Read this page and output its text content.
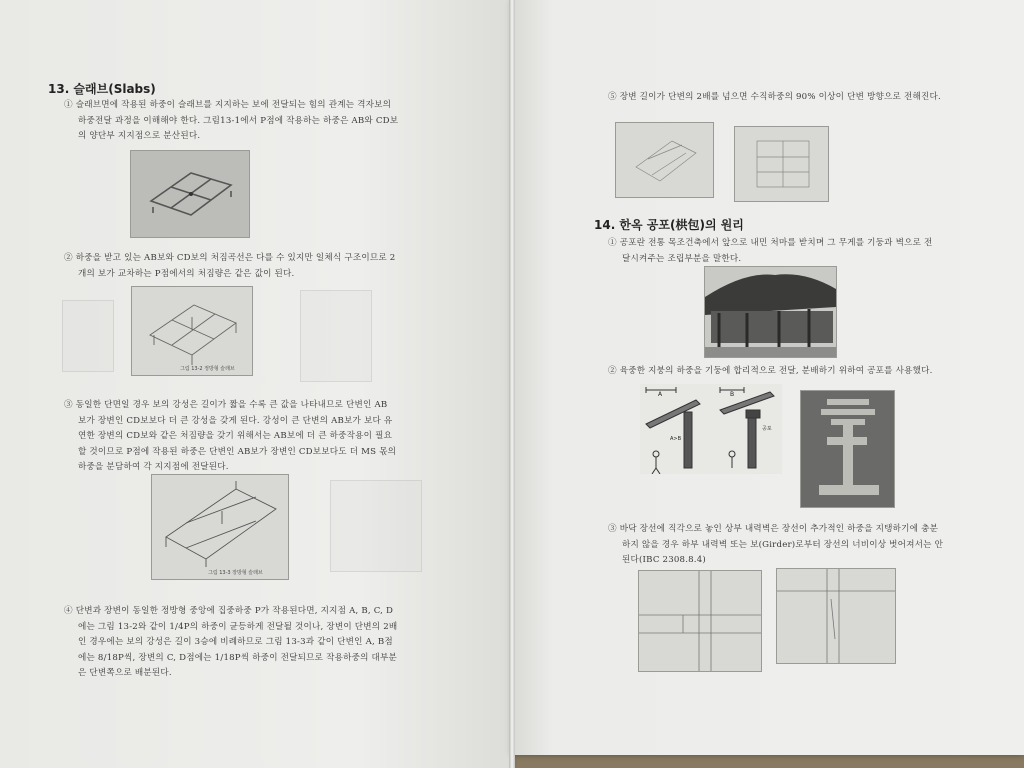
13. 슬래브(Slabs)
① 슬래브면에 작용된 하중이 슬래브를 지지하는 보에 전달되는 힘의 관계는 격자보의
하중전달 과정을 이해해야 한다. 그림13-1에서 P점에 작용하는 하중은 AB와 CD보
의 양단부 지지점으로 분산된다.
② 하중을 받고 있는 AB보와 CD보의 처짐곡선은 다를 수 있지만 일체식 구조이므로 2
개의 보가 교차하는 P점에서의 처짐량은 같은 값이 된다.
그림 13-2 정방형 슬래브
③ 동일한 단면일 경우 보의 강성은 길이가 짧을 수록 큰 값을 나타내므로 단변인 AB
보가 장변인 CD보보다 더 큰 강성을 갖게 된다. 강성이 큰 단변의 AB보가 보다 유
연한 장변의 CD보와 같은 처짐량을 갖기 위해서는 AB보에 더 큰 하중작용이 필요
할 것이므로 P점에 작용된 하중은 단변인 AB보가 장변인 CD보보다도 더 MS 몫의
하중을 분담하여 각 지지점에 전달된다.
그림 13-3 장방형 슬래브
④ 단변과 장변이 동일한 정방형 중앙에 집중하중 P가 작용된다면, 지지점 A, B, C, D
에는 그림 13-2와 같이 1/4P의 하중이 균등하게 전달될 것이나, 장변이 단변의 2배
인 경우에는 보의 강성은 길이 3승에 비례하므로 그림 13-3과 같이 단변인 A, B점
에는 8/18P씩, 장변의 C, D점에는 1/18P씩 하중이 전달되므로 작용하중의 대부분
은 단변쪽으로 배분된다.
⑤ 장변 길이가 단변의 2배를 넘으면 수직하중의 90% 이상이 단변 방향으로 전해진다.
14. 한옥 공포(栱包)의 원리
① 공포란 전통 목조건축에서 앞으로 내민 처마를 받치며 그 무게를 기둥과 벽으로 전
달시켜주는 조립부분을 말한다.
② 육중한 지붕의 하중을 기둥에 합리적으로 전달, 분배하기 위하여 공포를 사용했다.
A	B
A>B
공포
③ 바닥 장선에 직각으로 놓인 상부 내력벽은 장선이 추가적인 하중을 지탱하기에 충분
하지 않을 경우 하부 내력벽 또는 보(Girder)로부터 장선의 너비이상 벗어져서는 안
된다(IBC 2308.8.4)
